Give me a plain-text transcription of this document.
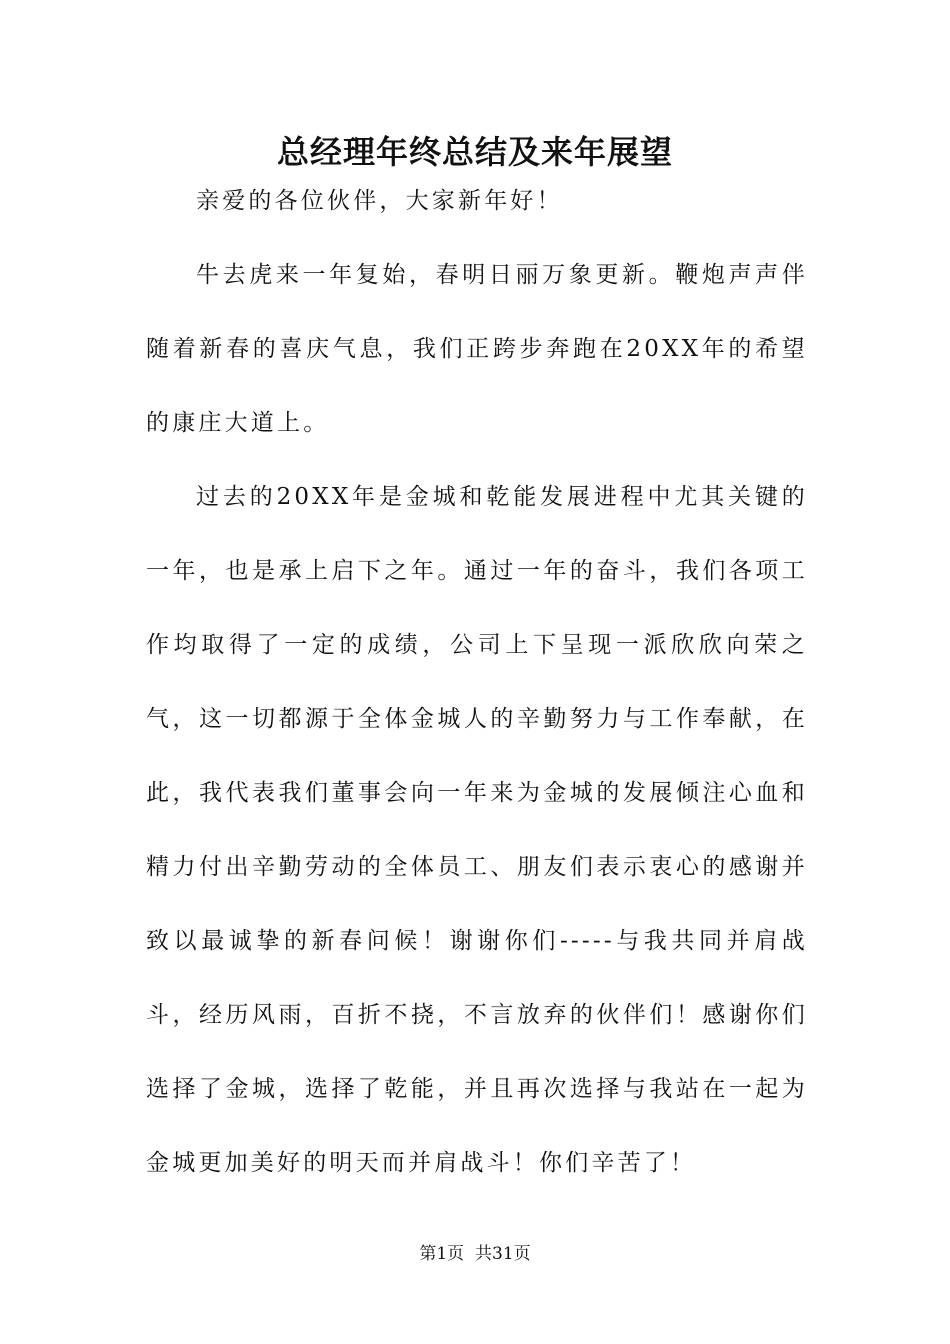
总经理年终总结及来年展望

亲爱的各位伙伴，大家新年好！

牛去虎来一年复始，春明日丽万象更新。鞭炮声声伴随着新春的喜庆气息，我们正跨步奔跑在20XX年的希望的康庄大道上。

过去的20XX年是金城和乾能发展进程中尤其关键的一年，也是承上启下之年。通过一年的奋斗，我们各项工作均取得了一定的成绩，公司上下呈现一派欣欣向荣之气，这一切都源于全体金城人的辛勤努力与工作奉献，在此，我代表我们董事会向一年来为金城的发展倾注心血和精力付出辛勤劳动的全体员工、朋友们表示衷心的感谢并致以最诚挚的新春问候！谢谢你们-----与我共同并肩战斗，经历风雨，百折不挠，不言放弃的伙伴们！感谢你们选择了金城，选择了乾能，并且再次选择与我站在一起为金城更加美好的明天而并肩战斗！你们辛苦了！

第1页 共31页
